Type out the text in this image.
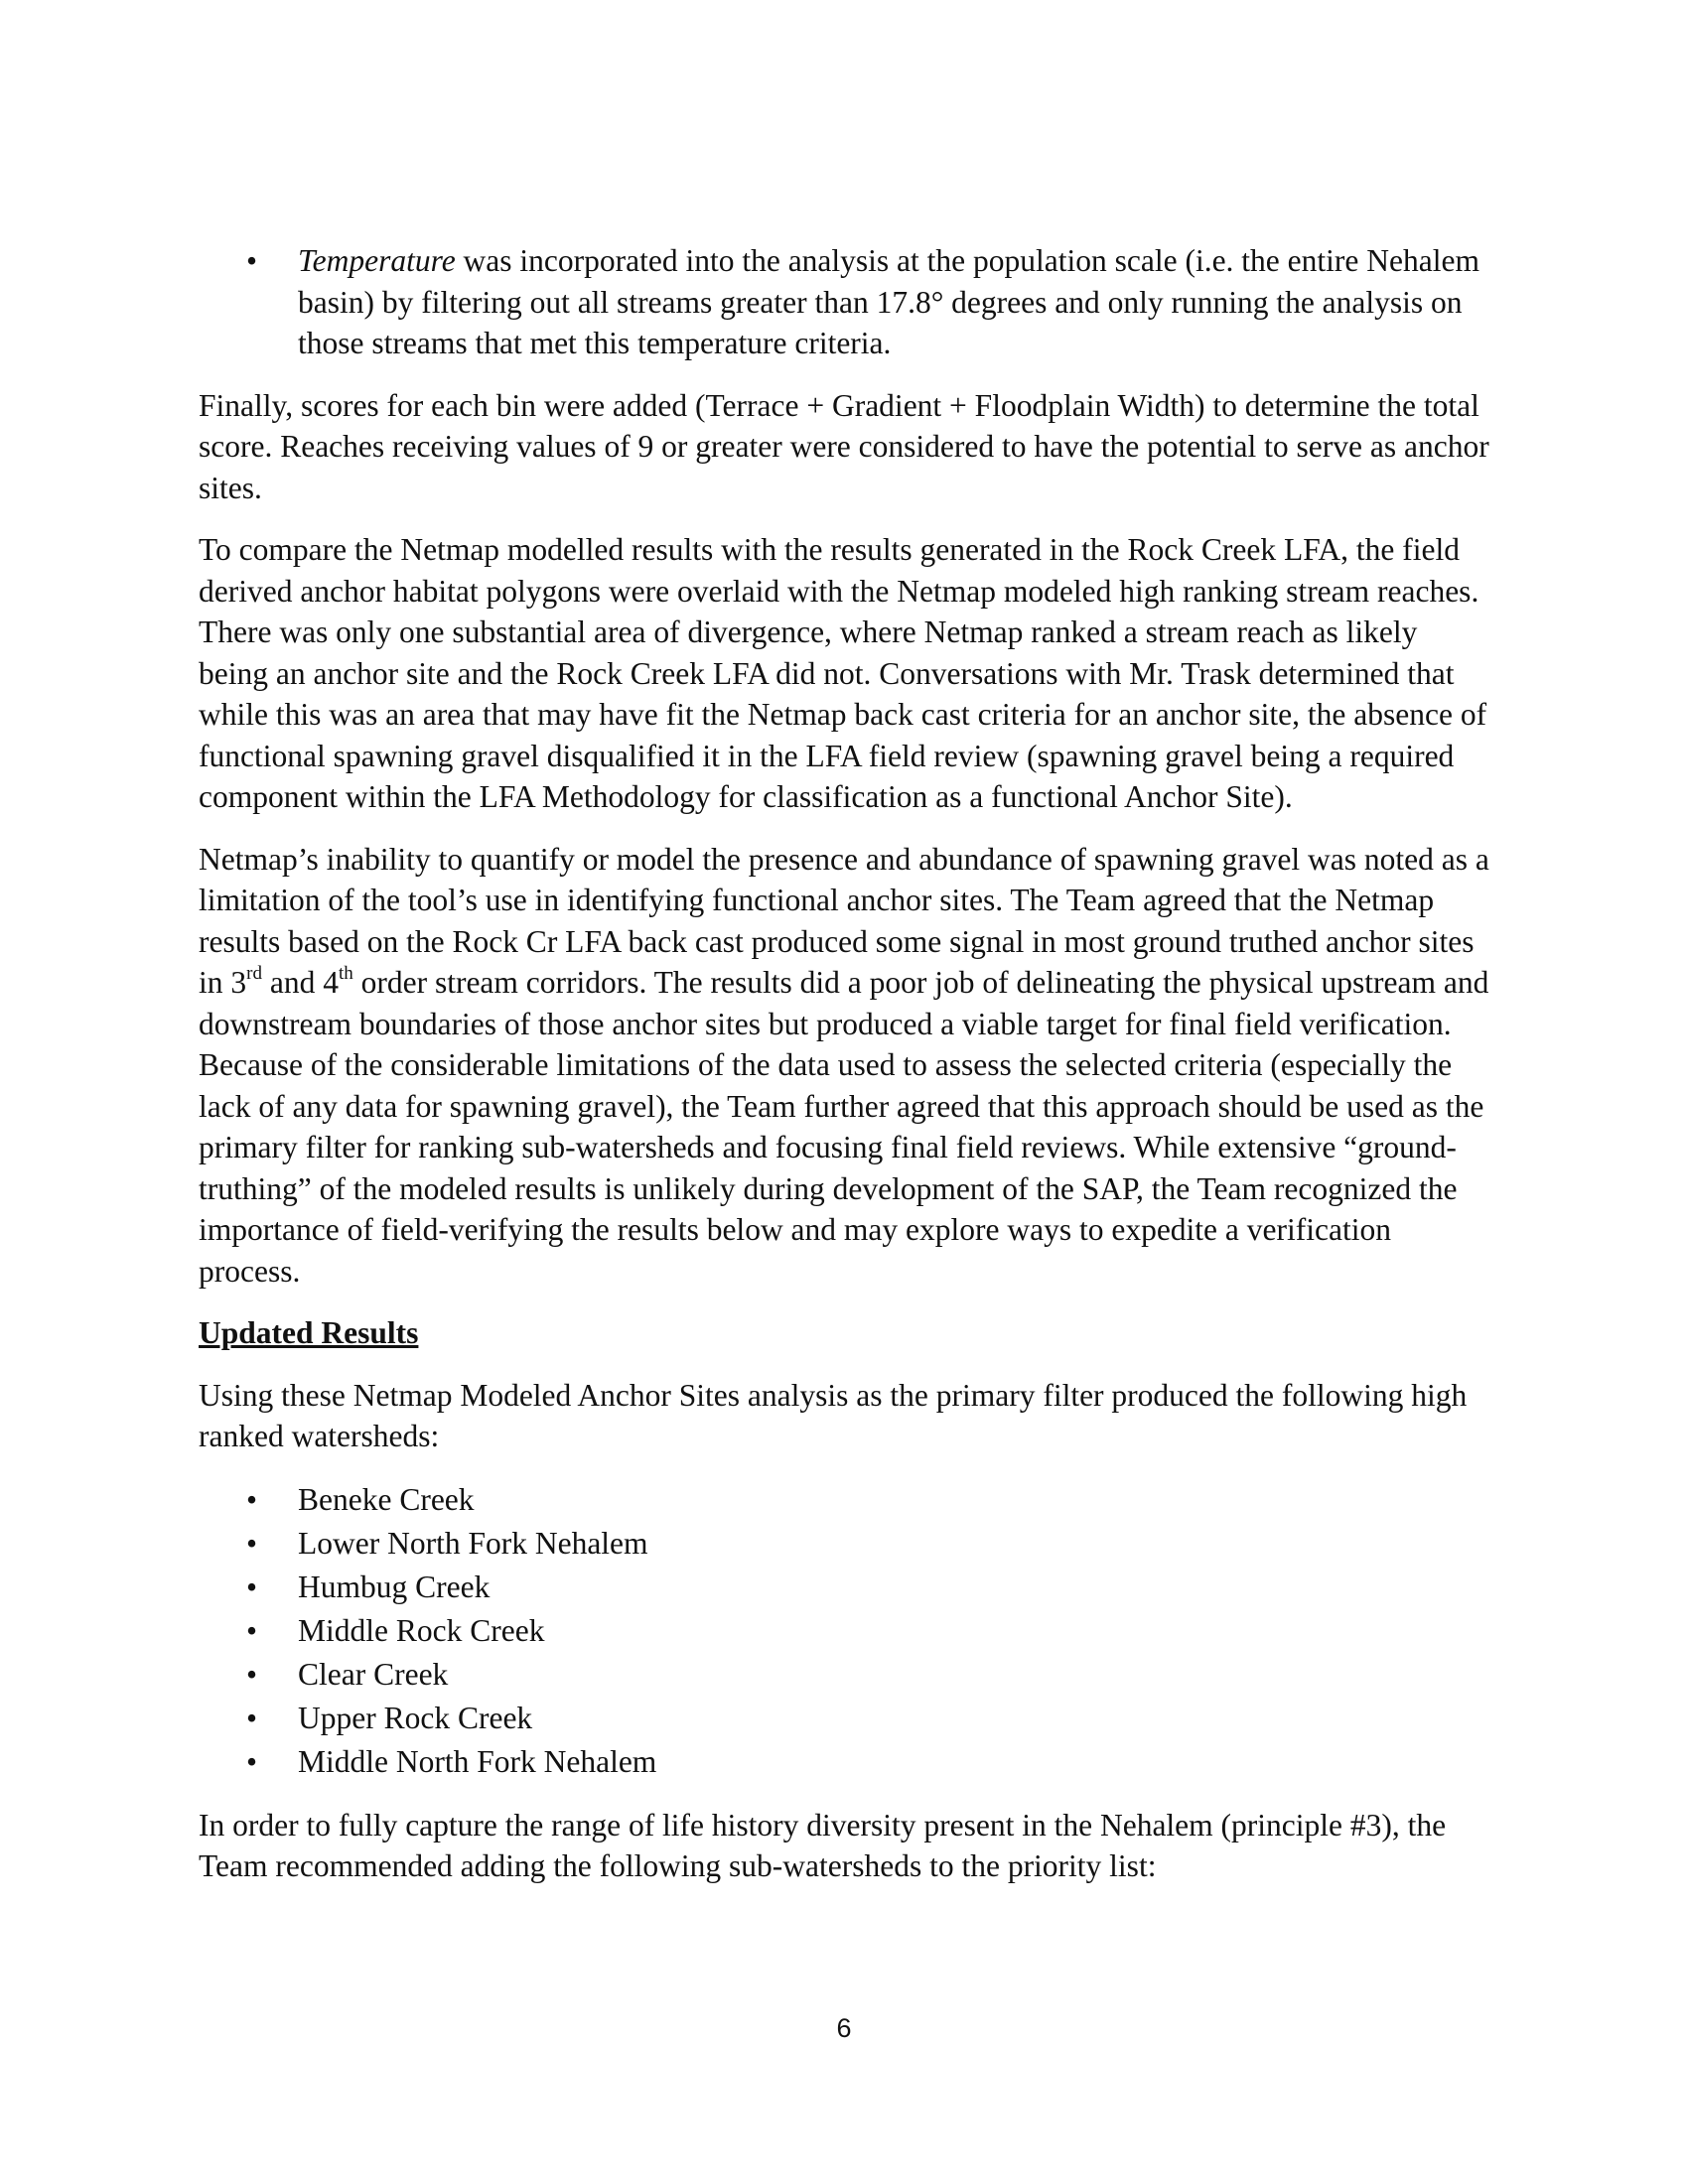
• Temperature was incorporated into the analysis at the population scale (i.e. the entire Nehalem basin) by filtering out all streams greater than 17.8° degrees and only running the analysis on those streams that met this temperature criteria.

Finally, scores for each bin were added (Terrace + Gradient + Floodplain Width) to determine the total score. Reaches receiving values of 9 or greater were considered to have the potential to serve as anchor sites.

To compare the Netmap modelled results with the results generated in the Rock Creek LFA, the field derived anchor habitat polygons were overlaid with the Netmap modeled high ranking stream reaches. There was only one substantial area of divergence, where Netmap ranked a stream reach as likely being an anchor site and the Rock Creek LFA did not. Conversations with Mr. Trask determined that while this was an area that may have fit the Netmap back cast criteria for an anchor site, the absence of functional spawning gravel disqualified it in the LFA field review (spawning gravel being a required component within the LFA Methodology for classification as a functional Anchor Site).

Netmap’s inability to quantify or model the presence and abundance of spawning gravel was noted as a limitation of the tool’s use in identifying functional anchor sites. The Team agreed that the Netmap results based on the Rock Cr LFA back cast produced some signal in most ground truthed anchor sites in 3rd and 4th order stream corridors. The results did a poor job of delineating the physical upstream and downstream boundaries of those anchor sites but produced a viable target for final field verification. Because of the considerable limitations of the data used to assess the selected criteria (especially the lack of any data for spawning gravel), the Team further agreed that this approach should be used as the primary filter for ranking sub-watersheds and focusing final field reviews. While extensive “ground-truthing” of the modeled results is unlikely during development of the SAP, the Team recognized the importance of field-verifying the results below and may explore ways to expedite a verification process.

Updated Results

Using these Netmap Modeled Anchor Sites analysis as the primary filter produced the following high ranked watersheds:

• Beneke Creek
• Lower North Fork Nehalem
• Humbug Creek
• Middle Rock Creek
• Clear Creek
• Upper Rock Creek
• Middle North Fork Nehalem

In order to fully capture the range of life history diversity present in the Nehalem (principle #3), the Team recommended adding the following sub-watersheds to the priority list:

6
